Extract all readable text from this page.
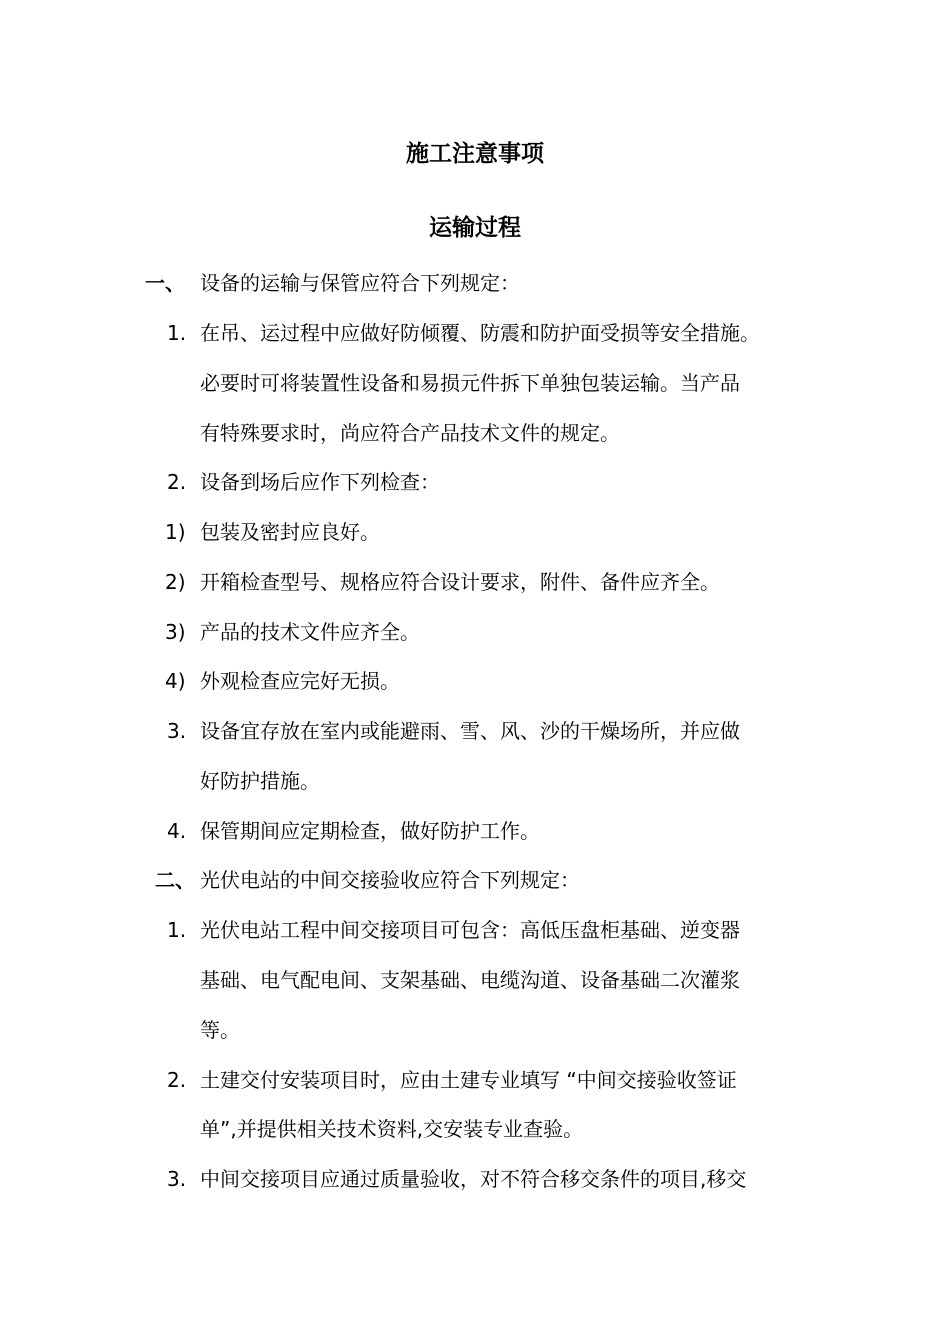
施工注意事项
运输过程
一、 设备的运输与保管应符合下列规定：
1. 在吊、运过程中应做好防倾覆、防震和防护面受损等安全措施。
必要时可将装置性设备和易损元件拆下单独包装运输。当产品
有特殊要求时，尚应符合产品技术文件的规定。
2. 设备到场后应作下列检查：
1) 包装及密封应良好。
2) 开箱检查型号、规格应符合设计要求，附件、备件应齐全。
3) 产品的技术文件应齐全。
4) 外观检查应完好无损。
3. 设备宜存放在室内或能避雨、雪、风、沙的干燥场所，并应做
好防护措施。
4. 保管期间应定期检查，做好防护工作。
二、 光伏电站的中间交接验收应符合下列规定：
1. 光伏电站工程中间交接项目可包含：高低压盘柜基础、逆变器
基础、电气配电间、支架基础、电缆沟道、设备基础二次灌浆
等。
2. 土建交付安装项目时，应由土建专业填写 “中间交接验收签证
单”,并提供相关技术资料,交安装专业查验。
3. 中间交接项目应通过质量验收，对不符合移交条件的项目,移交
